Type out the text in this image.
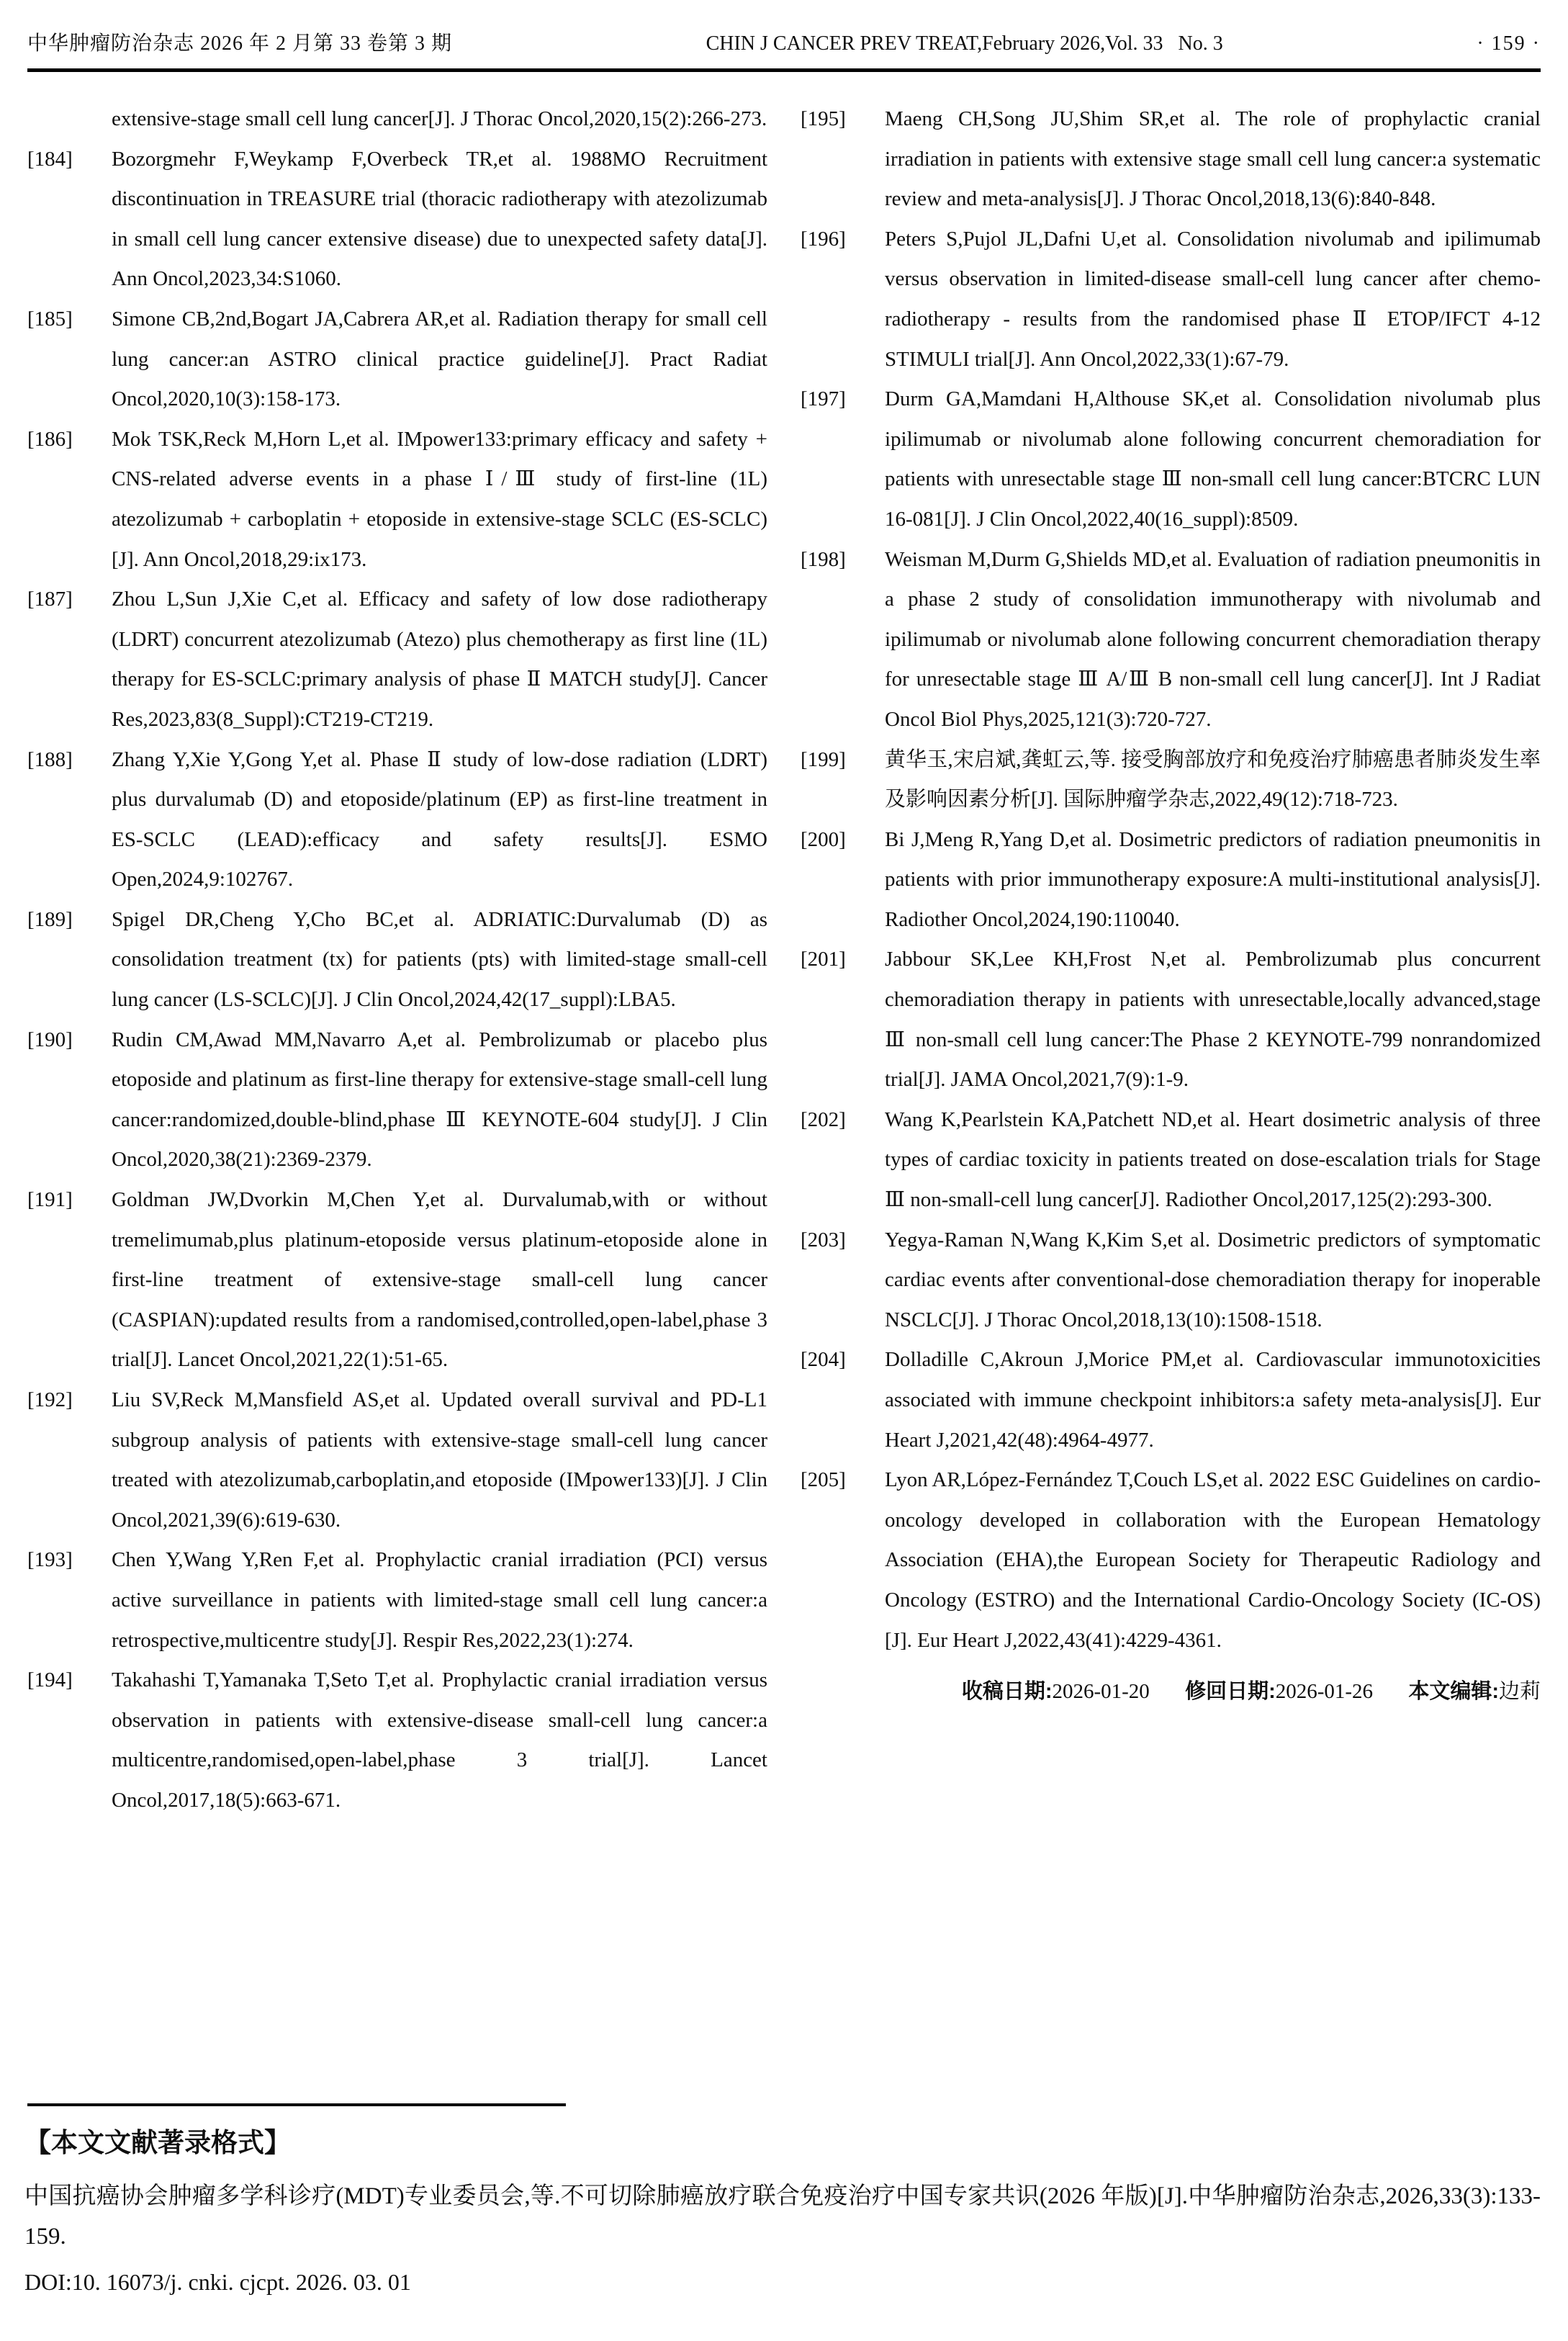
中华肿瘤防治杂志 2026 年 2 月第 33 卷第 3 期	CHIN J CANCER PREV TREAT,February 2026,Vol. 33   No. 3	· 159 ·
extensive-stage small cell lung cancer[J]. J Thorac Oncol,2020,15(2):266-273.
[184]	Bozorgmehr F,Weykamp F,Overbeck TR,et al. 1988MO Recruitment discontinuation in TREASURE trial (thoracic radiotherapy with atezolizumab in small cell lung cancer extensive disease) due to unexpected safety data[J]. Ann Oncol,2023,34:S1060.
[185]	Simone CB,2nd,Bogart JA,Cabrera AR,et al. Radiation therapy for small cell lung cancer:an ASTRO clinical practice guideline[J]. Pract Radiat Oncol,2020,10(3):158-173.
[186]	Mok TSK,Reck M,Horn L,et al. IMpower133:primary efficacy and safety + CNS-related adverse events in a phase Ⅰ/Ⅲ study of first-line (1L) atezolizumab + carboplatin + etoposide in extensive-stage SCLC (ES-SCLC)[J]. Ann Oncol,2018,29:ix173.
[187]	Zhou L,Sun J,Xie C,et al. Efficacy and safety of low dose radiotherapy (LDRT) concurrent atezolizumab (Atezo) plus chemotherapy as first line (1L) therapy for ES-SCLC:primary analysis of phase Ⅱ MATCH study[J]. Cancer Res,2023,83(8_Suppl):CT219-CT219.
[188]	Zhang Y,Xie Y,Gong Y,et al. Phase Ⅱ study of low-dose radiation (LDRT) plus durvalumab (D) and etoposide/platinum (EP) as first-line treatment in ES-SCLC (LEAD):efficacy and safety results[J]. ESMO Open,2024,9:102767.
[189]	Spigel DR,Cheng Y,Cho BC,et al. ADRIATIC:Durvalumab (D) as consolidation treatment (tx) for patients (pts) with limited-stage small-cell lung cancer (LS-SCLC)[J]. J Clin Oncol,2024,42(17_suppl):LBA5.
[190]	Rudin CM,Awad MM,Navarro A,et al. Pembrolizumab or placebo plus etoposide and platinum as first-line therapy for extensive-stage small-cell lung cancer:randomized,double-blind,phase Ⅲ KEYNOTE-604 study[J]. J Clin Oncol,2020,38(21):2369-2379.
[191]	Goldman JW,Dvorkin M,Chen Y,et al. Durvalumab,with or without tremelimumab,plus platinum-etoposide versus platinum-etoposide alone in first-line treatment of extensive-stage small-cell lung cancer (CASPIAN):updated results from a randomised,controlled,open-label,phase 3 trial[J]. Lancet Oncol,2021,22(1):51-65.
[192]	Liu SV,Reck M,Mansfield AS,et al. Updated overall survival and PD-L1 subgroup analysis of patients with extensive-stage small-cell lung cancer treated with atezolizumab,carboplatin,and etoposide (IMpower133)[J]. J Clin Oncol,2021,39(6):619-630.
[193]	Chen Y,Wang Y,Ren F,et al. Prophylactic cranial irradiation (PCI) versus active surveillance in patients with limited-stage small cell lung cancer:a retrospective,multicentre study[J]. Respir Res,2022,23(1):274.
[194]	Takahashi T,Yamanaka T,Seto T,et al. Prophylactic cranial irradiation versus observation in patients with extensive-disease small-cell lung cancer:a multicentre,randomised,open-label,phase 3 trial[J]. Lancet Oncol,2017,18(5):663-671.
[195]	Maeng CH,Song JU,Shim SR,et al. The role of prophylactic cranial irradiation in patients with extensive stage small cell lung cancer:a systematic review and meta-analysis[J]. J Thorac Oncol,2018,13(6):840-848.
[196]	Peters S,Pujol JL,Dafni U,et al. Consolidation nivolumab and ipilimumab versus observation in limited-disease small-cell lung cancer after chemo-radiotherapy - results from the randomised phase Ⅱ ETOP/IFCT 4-12 STIMULI trial[J]. Ann Oncol,2022,33(1):67-79.
[197]	Durm GA,Mamdani H,Althouse SK,et al. Consolidation nivolumab plus ipilimumab or nivolumab alone following concurrent chemoradiation for patients with unresectable stage Ⅲ non-small cell lung cancer:BTCRC LUN 16-081[J]. J Clin Oncol,2022,40(16_suppl):8509.
[198]	Weisman M,Durm G,Shields MD,et al. Evaluation of radiation pneumonitis in a phase 2 study of consolidation immunotherapy with nivolumab and ipilimumab or nivolumab alone following concurrent chemoradiation therapy for unresectable stage Ⅲ A/Ⅲ B non-small cell lung cancer[J]. Int J Radiat Oncol Biol Phys,2025,121(3):720-727.
[199]	黄华玉,宋启斌,龚虹云,等. 接受胸部放疗和免疫治疗肺癌患者肺炎发生率及影响因素分析[J]. 国际肿瘤学杂志,2022,49(12):718-723.
[200]	Bi J,Meng R,Yang D,et al. Dosimetric predictors of radiation pneumonitis in patients with prior immunotherapy exposure:A multi-institutional analysis[J]. Radiother Oncol,2024,190:110040.
[201]	Jabbour SK,Lee KH,Frost N,et al. Pembrolizumab plus concurrent chemoradiation therapy in patients with unresectable,locally advanced,stage Ⅲ non-small cell lung cancer:The Phase 2 KEYNOTE-799 nonrandomized trial[J]. JAMA Oncol,2021,7(9):1-9.
[202]	Wang K,Pearlstein KA,Patchett ND,et al. Heart dosimetric analysis of three types of cardiac toxicity in patients treated on dose-escalation trials for Stage Ⅲ non-small-cell lung cancer[J]. Radiother Oncol,2017,125(2):293-300.
[203]	Yegya-Raman N,Wang K,Kim S,et al. Dosimetric predictors of symptomatic cardiac events after conventional-dose chemoradiation therapy for inoperable NSCLC[J]. J Thorac Oncol,2018,13(10):1508-1518.
[204]	Dolladille C,Akroun J,Morice PM,et al. Cardiovascular immunotoxicities associated with immune checkpoint inhibitors:a safety meta-analysis[J]. Eur Heart J,2021,42(48):4964-4977.
[205]	Lyon AR,López-Fernández T,Couch LS,et al. 2022 ESC Guidelines on cardio-oncology developed in collaboration with the European Hematology Association (EHA),the European Society for Therapeutic Radiology and Oncology (ESTRO) and the International Cardio-Oncology Society (IC-OS)[J]. Eur Heart J,2022,43(41):4229-4361.
收稿日期:2026-01-20 修回日期:2026-01-26 本文编辑:边莉
【本文文献著录格式】
中国抗癌协会肿瘤多学科诊疗(MDT)专业委员会,等.不可切除肺癌放疗联合免疫治疗中国专家共识(2026 年版)[J].中华肿瘤防治杂志,2026,33(3):133-159.
DOI:10. 16073/j. cnki. cjcpt. 2026. 03. 01
